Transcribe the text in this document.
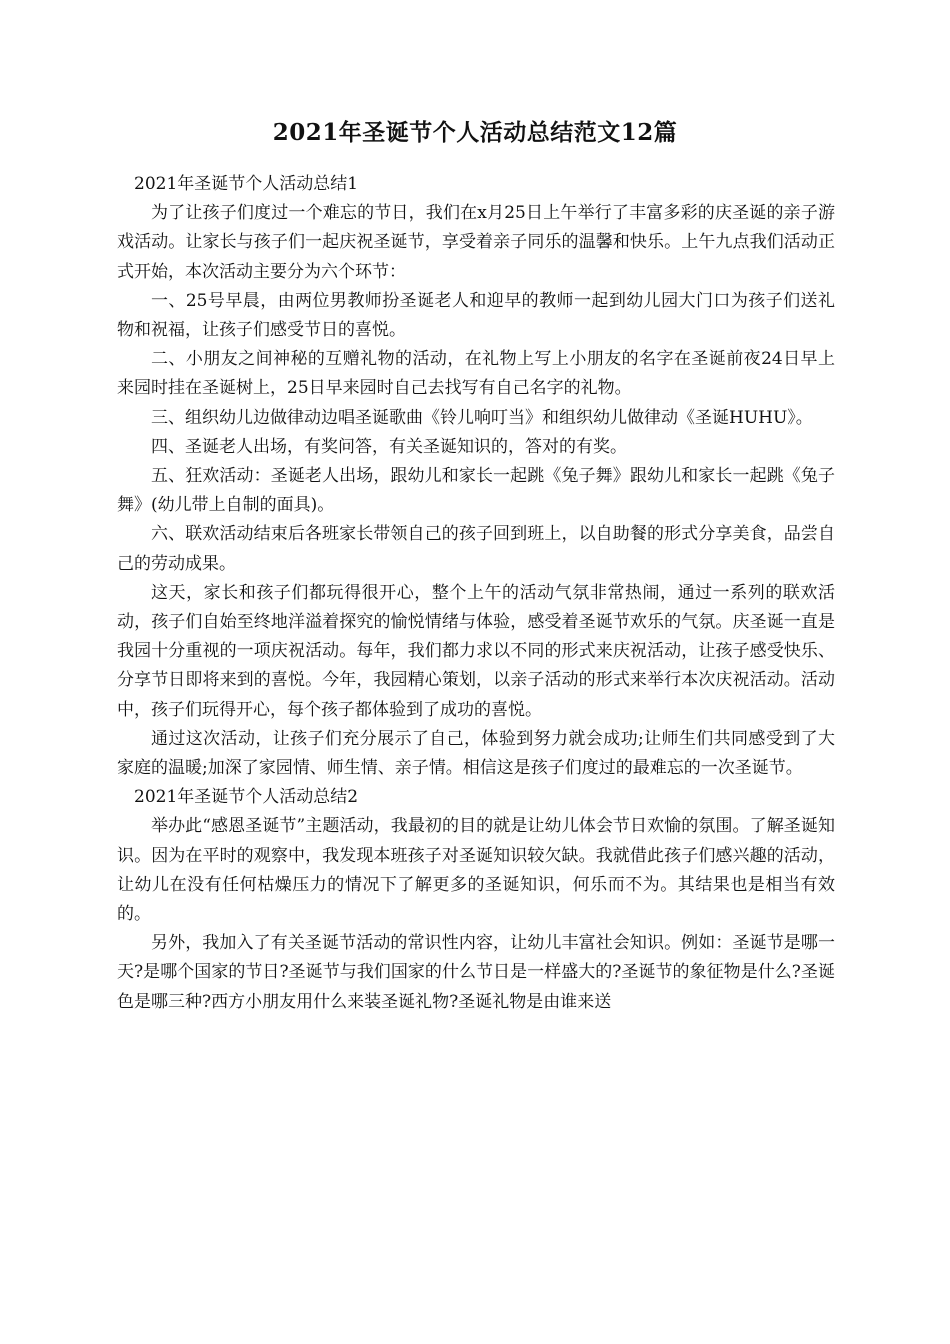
2021年圣诞节个人活动总结范文12篇

2021年圣诞节个人活动总结1

为了让孩子们度过一个难忘的节日，我们在x月25日上午举行了丰富多彩的庆圣诞的亲子游戏活动。让家长与孩子们一起庆祝圣诞节，享受着亲子同乐的温馨和快乐。上午九点我们活动正式开始，本次活动主要分为六个环节：

一、25号早晨，由两位男教师扮圣诞老人和迎早的教师一起到幼儿园大门口为孩子们送礼物和祝福，让孩子们感受节日的喜悦。

二、小朋友之间神秘的互赠礼物的活动，在礼物上写上小朋友的名字在圣诞前夜24日早上来园时挂在圣诞树上，25日早来园时自己去找写有自己名字的礼物。

三、组织幼儿边做律动边唱圣诞歌曲《铃儿响叮当》和组织幼儿做律动《圣诞HUHU》。

四、圣诞老人出场，有奖问答，有关圣诞知识的，答对的有奖。

五、狂欢活动：圣诞老人出场，跟幼儿和家长一起跳《兔子舞》跟幼儿和家长一起跳《兔子舞》(幼儿带上自制的面具)。

六、联欢活动结束后各班家长带领自己的孩子回到班上，以自助餐的形式分享美食，品尝自己的劳动成果。

这天，家长和孩子们都玩得很开心，整个上午的活动气氛非常热闹，通过一系列的联欢活动，孩子们自始至终地洋溢着探究的愉悦情绪与体验，感受着圣诞节欢乐的气氛。庆圣诞一直是我园十分重视的一项庆祝活动。每年，我们都力求以不同的形式来庆祝活动，让孩子感受快乐、分享节日即将来到的喜悦。今年，我园精心策划，以亲子活动的形式来举行本次庆祝活动。活动中，孩子们玩得开心，每个孩子都体验到了成功的喜悦。

通过这次活动，让孩子们充分展示了自己，体验到努力就会成功;让师生们共同感受到了大家庭的温暖;加深了家园情、师生情、亲子情。相信这是孩子们度过的最难忘的一次圣诞节。

2021年圣诞节个人活动总结2

举办此“感恩圣诞节”主题活动，我最初的目的就是让幼儿体会节日欢愉的氛围。了解圣诞知识。因为在平时的观察中，我发现本班孩子对圣诞知识较欠缺。我就借此孩子们感兴趣的活动，让幼儿在没有任何枯燥压力的情况下了解更多的圣诞知识，何乐而不为。其结果也是相当有效的。

另外，我加入了有关圣诞节活动的常识性内容，让幼儿丰富社会知识。例如：圣诞节是哪一天?是哪个国家的节日?圣诞节与我们国家的什么节日是一样盛大的?圣诞节的象征物是什么?圣诞色是哪三种?西方小朋友用什么来装圣诞礼物?圣诞礼物是由谁来送
